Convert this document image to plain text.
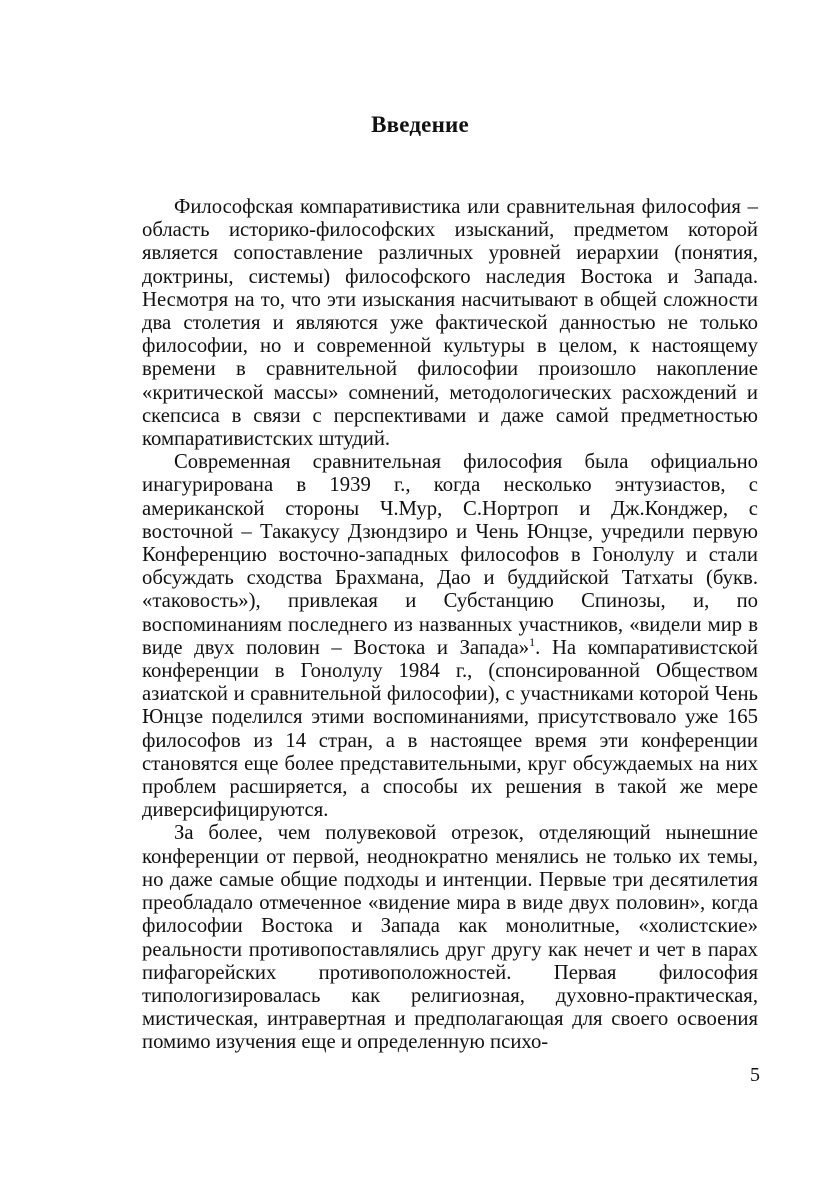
Введение

Философская компаративистика или сравнительная философия – область историко-философских изысканий, предметом которой является сопоставление различных уровней иерархии (понятия, доктрины, системы) философского наследия Востока и Запада. Несмотря на то, что эти изыскания насчитывают в общей сложности два столетия и являются уже фактической данностью не только философии, но и современной культуры в целом, к настоящему времени в сравнительной философии произошло накопление «критической массы» сомнений, методологических расхождений и скепсиса в связи с перспективами и даже самой предметностью компаративистских штудий.

Современная сравнительная философия была официально инагурирована в 1939 г., когда несколько энтузиастов, с американской стороны Ч.Мур, С.Нортроп и Дж.Конджер, с восточной – Такакусу Дзюндзиро и Чень Юнцзе, учредили первую Конференцию восточно-западных философов в Гонолулу и стали обсуждать сходства Брахмана, Дао и буддийской Татхаты (букв. «таковость»), привлекая и Субстанцию Спинозы, и, по воспоминаниям последнего из названных участников, «видели мир в виде двух половин – Востока и Запада»$^1$. На компаративистской конференции в Гонолулу 1984 г., (спонсированной Обществом азиатской и сравнительной философии), с участниками которой Чень Юнцзе поделился этими воспоминаниями, присутствовало уже 165 философов из 14 стран, а в настоящее время эти конференции становятся еще более представительными, круг обсуждаемых на них проблем расширяется, а способы их решения в такой же мере диверсифицируются.

За более, чем полувековой отрезок, отделяющий нынешние конференции от первой, неоднократно менялись не только их темы, но даже самые общие подходы и интенции. Первые три десятилетия преобладало отмеченное «видение мира в виде двух половин», когда философии Востока и Запада как монолитные, «холистские» реальности противопоставлялись друг другу как нечет и чет в парах пифагорейских противоположностей. Первая философия типологизировалась как религиозная, духовно-практическая, мистическая, интравертная и предполагающая для своего освоения помимо изучения еще и определенную психо-

5
